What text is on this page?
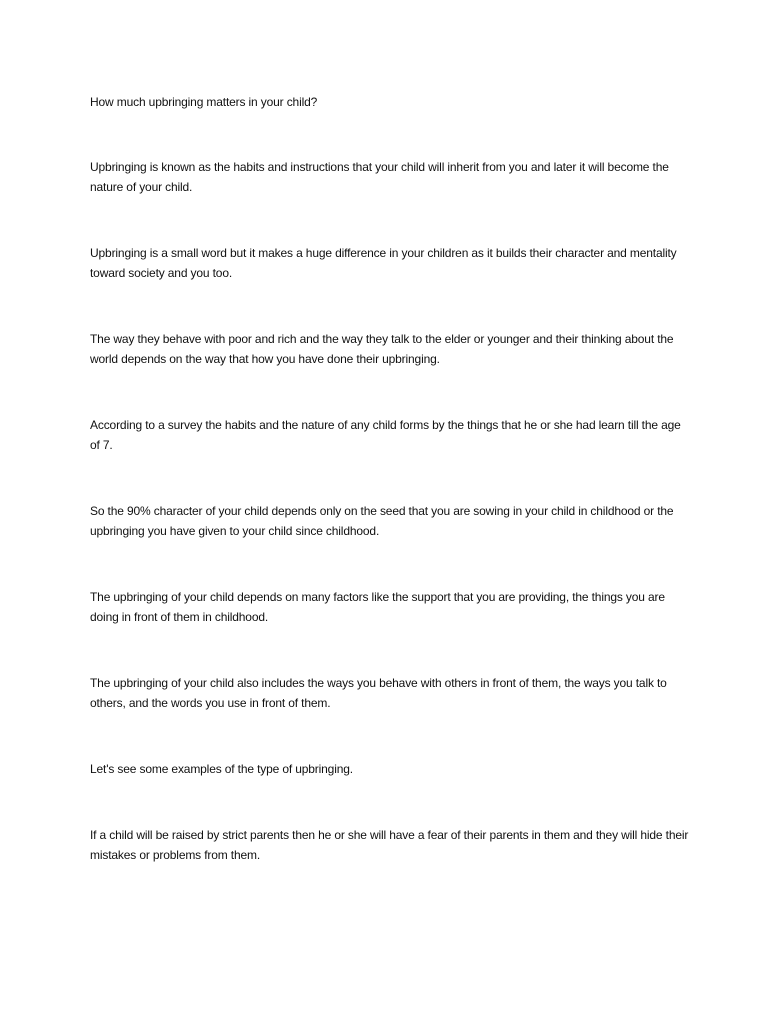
How much upbringing matters in your child?

Upbringing is known as the habits and instructions that your child will inherit from you and later it will become the nature of your child.

Upbringing is a small word but it makes a huge difference in your children as it builds their character and mentality toward society and you too.

The way they behave with poor and rich and the way they talk to the elder or younger and their thinking about the world depends on the way that how you have done their upbringing.

According to a survey the habits and the nature of any child forms by the things that he or she had learn till the age of 7.

So the 90% character of your child depends only on the seed that you are sowing in your child in childhood or the upbringing you have given to your child since childhood.

The upbringing of your child depends on many factors like the support that you are providing, the things you are doing in front of them in childhood.

The upbringing of your child also includes the ways you behave with others in front of them, the ways you talk to others, and the words you use in front of them.

Let's see some examples of the type of upbringing.

If a child will be raised by strict parents then he or she will have a fear of their parents in them and they will hide their mistakes or problems from them.
